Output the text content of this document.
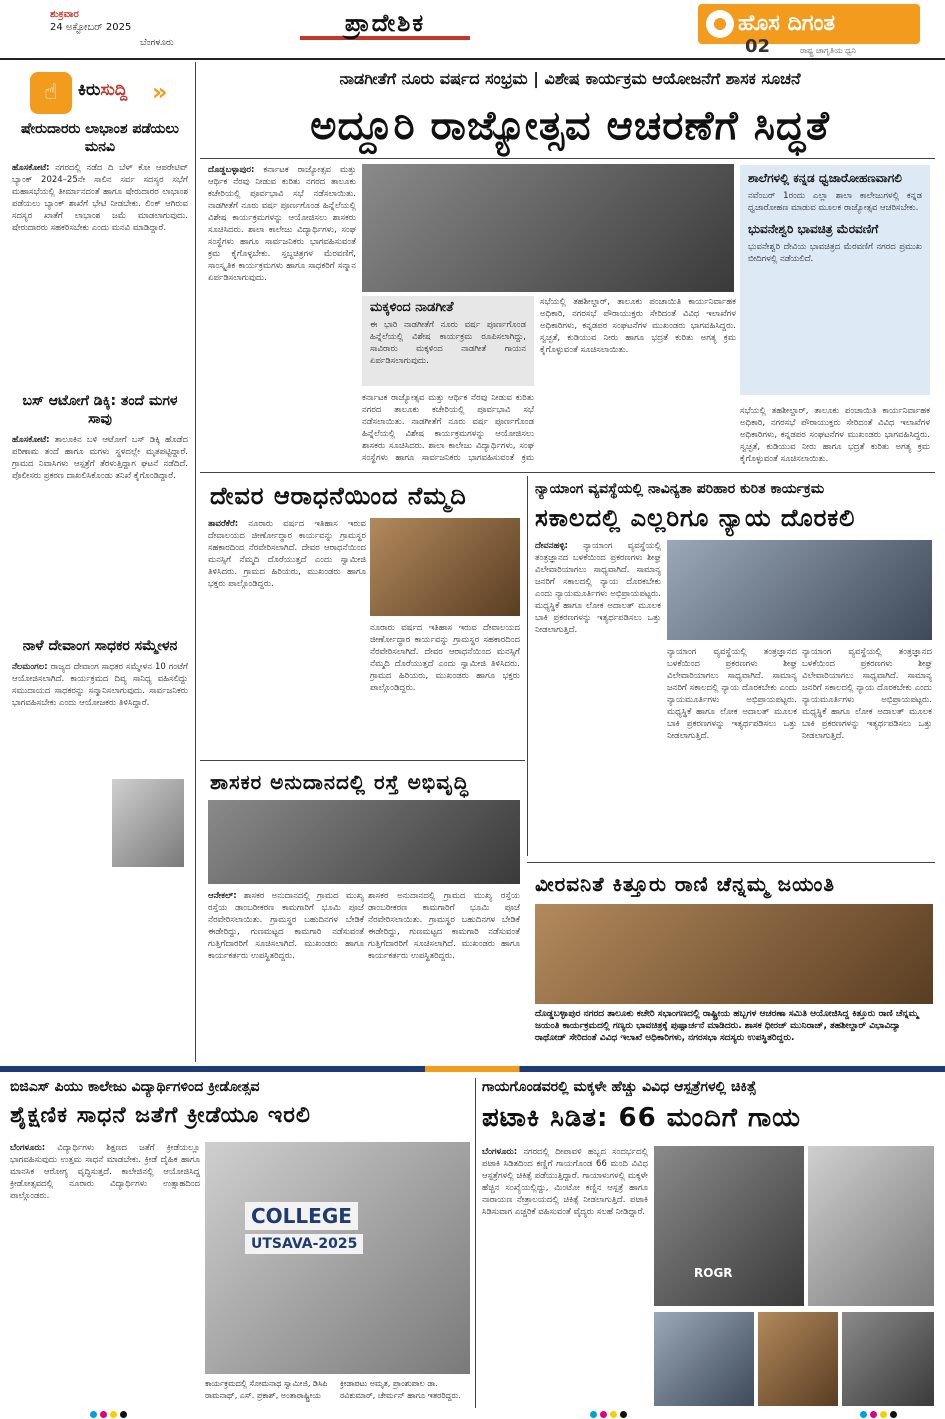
ಶುಕ್ರವಾರ
24 ಅಕ್ಟೋಬರ್ 2025
ಬೆಂಗಳೂರು
ಪ್ರಾದೇಶಿಕ	ಹೊಸ ದಿಗಂತ
02	ರಾಷ್ಟ್ರ ಜಾಗೃತಿಯ ಧ್ವನಿ
☝	ಕಿರುಸುದ್ದಿ »
ಷೇರುದಾರರು ಲಾಭಾಂಶ ಪಡೆಯಲು ಮನವಿ
ಹೊಸಕೋಟೆ: ನಗರದಲ್ಲಿ ನಡೆದ ದಿ ಬೆಳ್ ಕೋ ಆಪರೇಟಿವ್ ಬ್ಯಾಂಕ್ 2024–25ನೇ ಸಾಲಿನ ಸರ್ವ ಸದಸ್ಯರ ಸಭೆಗೆ ಮಹಾಸಭೆಯಲ್ಲಿ ತೀರ್ಮಾನದಂತೆ ಹಾಗೂ ಷೇರುದಾರರ ಲಾಭಾಂಶ ಪಡೆಯಲು ಬ್ಯಾಂಕ್ ಶಾಖೆಗೆ ಭೇಟಿ ನೀಡಬೇಕು. ಲಿಂಕ್ ಆಗಿರುವ ಸದಸ್ಯರ ಖಾತೆಗೆ ಲಾಭಾಂಶ ಜಮೆ ಮಾಡಲಾಗುವುದು. ಷೇರುದಾರರು ಸಹಕರಿಸಬೇಕು ಎಂದು ಮನವಿ ಮಾಡಿದ್ದಾರೆ.
ಬಸ್ ಆಟೋಗೆ ಡಿಕ್ಕಿ: ತಂದೆ ಮಗಳ ಸಾವು
ಹೊಸಕೋಟೆ: ತಾಲೂಕಿನ ಬಳಿ ಆಟೋಗೆ ಬಸ್ ಡಿಕ್ಕಿ ಹೊಡೆದ ಪರಿಣಾಮ ತಂದೆ ಹಾಗೂ ಮಗಳು ಸ್ಥಳದಲ್ಲೇ ಮೃತಪಟ್ಟಿದ್ದಾರೆ. ಗ್ರಾಮದ ನಿವಾಸಿಗಳು ಆಸ್ಪತ್ರೆಗೆ ತೆರಳುತ್ತಿದ್ದಾಗ ಘಟನೆ ನಡೆದಿದೆ. ಪೊಲೀಸರು ಪ್ರಕರಣ ದಾಖಲಿಸಿಕೊಂಡು ತನಿಖೆ ಕೈಗೊಂಡಿದ್ದಾರೆ.
ನಾಳೆ ದೇವಾಂಗ ಸಾಧಕರ ಸಮ್ಮೇಳನ
ನೆಲಮಂಗಲ: ರಾಜ್ಯದ ದೇವಾಂಗ ಸಾಧಕರ ಸಮ್ಮೇಳನ 10 ಗಂಟೆಗೆ ಆಯೋಜಿಸಲಾಗಿದೆ. ಕಾರ್ಯಕ್ರಮದ ದಿವ್ಯ ಸಾನಿಧ್ಯ ವಹಿಸಲಿದ್ದು ಸಮುದಾಯದ ಸಾಧಕರನ್ನು ಸನ್ಮಾನಿಸಲಾಗುವುದು. ಸಾರ್ವಜನಿಕರು ಭಾಗವಹಿಸಬೇಕು ಎಂದು ಆಯೋಜಕರು ತಿಳಿಸಿದ್ದಾರೆ.
ನಾಡಗೀತೆಗೆ ನೂರು ವರ್ಷದ ಸಂಭ್ರಮ | ವಿಶೇಷ ಕಾರ್ಯಕ್ರಮ ಆಯೋಜನೆಗೆ ಶಾಸಕ ಸೂಚನೆ
ಅದ್ದೂರಿ ರಾಜ್ಯೋತ್ಸವ ಆಚರಣೆಗೆ ಸಿದ್ಧತೆ
ದೊಡ್ಡಬಳ್ಳಾಪುರ: ಕರ್ನಾಟಕ ರಾಜ್ಯೋತ್ಸವ ಮತ್ತು ಆರ್ಥಿಕ ನೆರವು ನೀಡುವ ಕುರಿತು ನಗರದ ತಾಲೂಕು ಕಚೇರಿಯಲ್ಲಿ ಪೂರ್ವಭಾವಿ ಸಭೆ ನಡೆಸಲಾಯಿತು. ನಾಡಗೀತೆಗೆ ನೂರು ವರ್ಷ ಪೂರ್ಣಗೊಂಡ ಹಿನ್ನೆಲೆಯಲ್ಲಿ ವಿಶೇಷ ಕಾರ್ಯಕ್ರಮಗಳನ್ನು ಆಯೋಜಿಸಲು ಶಾಸಕರು ಸೂಚಿಸಿದರು. ಶಾಲಾ ಕಾಲೇಜು ವಿದ್ಯಾರ್ಥಿಗಳು, ಸಂಘ ಸಂಸ್ಥೆಗಳು ಹಾಗೂ ಸಾರ್ವಜನಿಕರು ಭಾಗವಹಿಸುವಂತೆ ಕ್ರಮ ಕೈಗೊಳ್ಳಬೇಕು. ಸ್ತಬ್ಧಚಿತ್ರಗಳ ಮೆರವಣಿಗೆ, ಸಾಂಸ್ಕೃತಿಕ ಕಾರ್ಯಕ್ರಮಗಳು ಹಾಗೂ ಸಾಧಕರಿಗೆ ಸನ್ಮಾನ ಏರ್ಪಡಿಸಲಾಗುವುದು.
ಮಕ್ಕಳಿಂದ ನಾಡಗೀತೆ
ಈ ಭಾರಿ ನಾಡಗೀತೆಗೆ ನೂರು ವರ್ಷ ಪೂರ್ಣಗೊಂಡ ಹಿನ್ನೆಲೆಯಲ್ಲಿ ವಿಶೇಷ ಕಾರ್ಯಕ್ರಮ ರೂಪಿಸಲಾಗಿದ್ದು, ಸಾವಿರಾರು ಮಕ್ಕಳಿಂದ ನಾಡಗೀತೆ ಗಾಯನ ಏರ್ಪಡಿಸಲಾಗುವುದು.
ಸಭೆಯಲ್ಲಿ ತಹಶೀಲ್ದಾರ್, ತಾಲೂಕು ಪಂಚಾಯಿತಿ ಕಾರ್ಯನಿರ್ವಾಹಕ ಅಧಿಕಾರಿ, ನಗರಸಭೆ ಪೌರಾಯುಕ್ತರು ಸೇರಿದಂತೆ ವಿವಿಧ ಇಲಾಖೆಗಳ ಅಧಿಕಾರಿಗಳು, ಕನ್ನಡಪರ ಸಂಘಟನೆಗಳ ಮುಖಂಡರು ಭಾಗವಹಿಸಿದ್ದರು. ಸ್ವಚ್ಛತೆ, ಕುಡಿಯುವ ನೀರು ಹಾಗೂ ಭದ್ರತೆ ಕುರಿತು ಅಗತ್ಯ ಕ್ರಮ ಕೈಗೊಳ್ಳುವಂತೆ ಸೂಚಿಸಲಾಯಿತು.
ಕರ್ನಾಟಕ ರಾಜ್ಯೋತ್ಸವ ಮತ್ತು ಆರ್ಥಿಕ ನೆರವು ನೀಡುವ ಕುರಿತು ನಗರದ ತಾಲೂಕು ಕಚೇರಿಯಲ್ಲಿ ಪೂರ್ವಭಾವಿ ಸಭೆ ನಡೆಸಲಾಯಿತು. ನಾಡಗೀತೆಗೆ ನೂರು ವರ್ಷ ಪೂರ್ಣಗೊಂಡ ಹಿನ್ನೆಲೆಯಲ್ಲಿ ವಿಶೇಷ ಕಾರ್ಯಕ್ರಮಗಳನ್ನು ಆಯೋಜಿಸಲು ಶಾಸಕರು ಸೂಚಿಸಿದರು. ಶಾಲಾ ಕಾಲೇಜು ವಿದ್ಯಾರ್ಥಿಗಳು, ಸಂಘ ಸಂಸ್ಥೆಗಳು ಹಾಗೂ ಸಾರ್ವಜನಿಕರು ಭಾಗವಹಿಸುವಂತೆ ಕ್ರಮ
ಶಾಲೆಗಳಲ್ಲಿ ಕನ್ನಡ ಧ್ವಜಾರೋಹಣವಾಗಲಿ
ನವೆಂಬರ್ 1ರಂದು ಎಲ್ಲಾ ಶಾಲಾ ಕಾಲೇಜುಗಳಲ್ಲಿ ಕನ್ನಡ ಧ್ವಜಾರೋಹಣ ಮಾಡುವ ಮೂಲಕ ರಾಜ್ಯೋತ್ಸವ ಆಚರಿಸಬೇಕು.
ಭುವನೇಶ್ವರಿ ಭಾವಚಿತ್ರ ಮೆರವಣಿಗೆ
ಭುವನೇಶ್ವರಿ ದೇವಿಯ ಭಾವಚಿತ್ರದ ಮೆರವಣಿಗೆ ನಗರದ ಪ್ರಮುಖ ಬೀದಿಗಳಲ್ಲಿ ನಡೆಯಲಿದೆ.
ಸಭೆಯಲ್ಲಿ ತಹಶೀಲ್ದಾರ್, ತಾಲೂಕು ಪಂಚಾಯಿತಿ ಕಾರ್ಯನಿರ್ವಾಹಕ ಅಧಿಕಾರಿ, ನಗರಸಭೆ ಪೌರಾಯುಕ್ತರು ಸೇರಿದಂತೆ ವಿವಿಧ ಇಲಾಖೆಗಳ ಅಧಿಕಾರಿಗಳು, ಕನ್ನಡಪರ ಸಂಘಟನೆಗಳ ಮುಖಂಡರು ಭಾಗವಹಿಸಿದ್ದರು. ಸ್ವಚ್ಛತೆ, ಕುಡಿಯುವ ನೀರು ಹಾಗೂ ಭದ್ರತೆ ಕುರಿತು ಅಗತ್ಯ ಕ್ರಮ ಕೈಗೊಳ್ಳುವಂತೆ ಸೂಚಿಸಲಾಯಿತು.
ದೇವರ ಆರಾಧನೆಯಿಂದ ನೆಮ್ಮದಿ
ತಾವರೆಕೆರೆ: ನೂರಾರು ವರ್ಷದ ಇತಿಹಾಸ ಇರುವ ದೇವಾಲಯದ ಜೀರ್ಣೋದ್ಧಾರ ಕಾರ್ಯವನ್ನು ಗ್ರಾಮಸ್ಥರ ಸಹಕಾರದಿಂದ ನೆರವೇರಿಸಲಾಗಿದೆ. ದೇವರ ಆರಾಧನೆಯಿಂದ ಮನಸ್ಸಿಗೆ ನೆಮ್ಮದಿ ದೊರೆಯುತ್ತದೆ ಎಂದು ಸ್ವಾಮೀಜಿ ತಿಳಿಸಿದರು. ಗ್ರಾಮದ ಹಿರಿಯರು, ಮುಖಂಡರು ಹಾಗೂ ಭಕ್ತರು ಪಾಲ್ಗೊಂಡಿದ್ದರು.
ನೂರಾರು ವರ್ಷದ ಇತಿಹಾಸ ಇರುವ ದೇವಾಲಯದ ಜೀರ್ಣೋದ್ಧಾರ ಕಾರ್ಯವನ್ನು ಗ್ರಾಮಸ್ಥರ ಸಹಕಾರದಿಂದ ನೆರವೇರಿಸಲಾಗಿದೆ. ದೇವರ ಆರಾಧನೆಯಿಂದ ಮನಸ್ಸಿಗೆ ನೆಮ್ಮದಿ ದೊರೆಯುತ್ತದೆ ಎಂದು ಸ್ವಾಮೀಜಿ ತಿಳಿಸಿದರು. ಗ್ರಾಮದ ಹಿರಿಯರು, ಮುಖಂಡರು ಹಾಗೂ ಭಕ್ತರು ಪಾಲ್ಗೊಂಡಿದ್ದರು.
ನ್ಯಾಯಾಂಗ ವ್ಯವಸ್ಥೆಯಲ್ಲಿ ನಾವಿನ್ಯತಾ ಪರಿಹಾರ ಕುರಿತ ಕಾರ್ಯಕ್ರಮ
ಸಕಾಲದಲ್ಲಿ ಎಲ್ಲರಿಗೂ ನ್ಯಾಯ ದೊರಕಲಿ
ದೇವನಹಳ್ಳಿ: ನ್ಯಾಯಾಂಗ ವ್ಯವಸ್ಥೆಯಲ್ಲಿ ತಂತ್ರಜ್ಞಾನದ ಬಳಕೆಯಿಂದ ಪ್ರಕರಣಗಳು ಶೀಘ್ರ ವಿಲೇವಾರಿಯಾಗಲು ಸಾಧ್ಯವಾಗಿದೆ. ಸಾಮಾನ್ಯ ಜನರಿಗೆ ಸಕಾಲದಲ್ಲಿ ನ್ಯಾಯ ದೊರಕಬೇಕು ಎಂದು ನ್ಯಾಯಮೂರ್ತಿಗಳು ಅಭಿಪ್ರಾಯಪಟ್ಟರು. ಮಧ್ಯಸ್ಥಿಕೆ ಹಾಗೂ ಲೋಕ ಅದಾಲತ್ ಮೂಲಕ ಬಾಕಿ ಪ್ರಕರಣಗಳನ್ನು ಇತ್ಯರ್ಥಪಡಿಸಲು ಒತ್ತು ನೀಡಲಾಗುತ್ತಿದೆ.
ನ್ಯಾಯಾಂಗ ವ್ಯವಸ್ಥೆಯಲ್ಲಿ ತಂತ್ರಜ್ಞಾನದ ಬಳಕೆಯಿಂದ ಪ್ರಕರಣಗಳು ಶೀಘ್ರ ವಿಲೇವಾರಿಯಾಗಲು ಸಾಧ್ಯವಾಗಿದೆ. ಸಾಮಾನ್ಯ ಜನರಿಗೆ ಸಕಾಲದಲ್ಲಿ ನ್ಯಾಯ ದೊರಕಬೇಕು ಎಂದು ನ್ಯಾಯಮೂರ್ತಿಗಳು ಅಭಿಪ್ರಾಯಪಟ್ಟರು. ಮಧ್ಯಸ್ಥಿಕೆ ಹಾಗೂ ಲೋಕ ಅದಾಲತ್ ಮೂಲಕ ಬಾಕಿ ಪ್ರಕರಣಗಳನ್ನು ಇತ್ಯರ್ಥಪಡಿಸಲು ಒತ್ತು ನೀಡಲಾಗುತ್ತಿದೆ.
ನ್ಯಾಯಾಂಗ ವ್ಯವಸ್ಥೆಯಲ್ಲಿ ತಂತ್ರಜ್ಞಾನದ ಬಳಕೆಯಿಂದ ಪ್ರಕರಣಗಳು ಶೀಘ್ರ ವಿಲೇವಾರಿಯಾಗಲು ಸಾಧ್ಯವಾಗಿದೆ. ಸಾಮಾನ್ಯ ಜನರಿಗೆ ಸಕಾಲದಲ್ಲಿ ನ್ಯಾಯ ದೊರಕಬೇಕು ಎಂದು ನ್ಯಾಯಮೂರ್ತಿಗಳು ಅಭಿಪ್ರಾಯಪಟ್ಟರು. ಮಧ್ಯಸ್ಥಿಕೆ ಹಾಗೂ ಲೋಕ ಅದಾಲತ್ ಮೂಲಕ ಬಾಕಿ ಪ್ರಕರಣಗಳನ್ನು ಇತ್ಯರ್ಥಪಡಿಸಲು ಒತ್ತು ನೀಡಲಾಗುತ್ತಿದೆ.
ಶಾಸಕರ ಅನುದಾನದಲ್ಲಿ ರಸ್ತೆ ಅಭಿವೃದ್ಧಿ
ಆನೇಕಲ್: ಶಾಸಕರ ಅನುದಾನದಲ್ಲಿ ಗ್ರಾಮದ ಮುಖ್ಯ ರಸ್ತೆಯ ಡಾಂಬರೀಕರಣ ಕಾಮಗಾರಿಗೆ ಭೂಮಿ ಪೂಜೆ ನೆರವೇರಿಸಲಾಯಿತು. ಗ್ರಾಮಸ್ಥರ ಬಹುದಿನಗಳ ಬೇಡಿಕೆ ಈಡೇರಿದ್ದು, ಗುಣಮಟ್ಟದ ಕಾಮಗಾರಿ ನಡೆಸುವಂತೆ ಗುತ್ತಿಗೆದಾರರಿಗೆ ಸೂಚಿಸಲಾಗಿದೆ. ಮುಖಂಡರು ಹಾಗೂ ಕಾರ್ಯಕರ್ತರು ಉಪಸ್ಥಿತರಿದ್ದರು.
ಶಾಸಕರ ಅನುದಾನದಲ್ಲಿ ಗ್ರಾಮದ ಮುಖ್ಯ ರಸ್ತೆಯ ಡಾಂಬರೀಕರಣ ಕಾಮಗಾರಿಗೆ ಭೂಮಿ ಪೂಜೆ ನೆರವೇರಿಸಲಾಯಿತು. ಗ್ರಾಮಸ್ಥರ ಬಹುದಿನಗಳ ಬೇಡಿಕೆ ಈಡೇರಿದ್ದು, ಗುಣಮಟ್ಟದ ಕಾಮಗಾರಿ ನಡೆಸುವಂತೆ ಗುತ್ತಿಗೆದಾರರಿಗೆ ಸೂಚಿಸಲಾಗಿದೆ. ಮುಖಂಡರು ಹಾಗೂ ಕಾರ್ಯಕರ್ತರು ಉಪಸ್ಥಿತರಿದ್ದರು.
ವೀರವನಿತೆ ಕಿತ್ತೂರು ರಾಣಿ ಚೆನ್ನಮ್ಮ ಜಯಂತಿ
ದೊಡ್ಡಬಳ್ಳಾಪುರ ನಗರದ ತಾಲೂಕು ಕಚೇರಿ ಸಭಾಂಗಣದಲ್ಲಿ ರಾಷ್ಟ್ರೀಯ ಹಬ್ಬಗಳ ಆಚರಣಾ ಸಮಿತಿ ಆಯೋಜಿಸಿದ್ದ ಕಿತ್ತೂರು ರಾಣಿ ಚೆನ್ನಮ್ಮ ಜಯಂತಿ ಕಾರ್ಯಕ್ರಮದಲ್ಲಿ ಗಣ್ಯರು ಭಾವಚಿತ್ರಕ್ಕೆ ಪುಷ್ಪಾರ್ಚನೆ ಮಾಡಿದರು. ಶಾಸಕ ಧೀರಜ್ ಮುನಿರಾಜ್, ತಹಶೀಲ್ದಾರ್ ವಿಭಾವಿದ್ಯಾ ರಾಥೋಡ್ ಸೇರಿದಂತೆ ವಿವಿಧ ಇಲಾಖೆ ಅಧಿಕಾರಿಗಳು, ನಗರಸಭಾ ಸದಸ್ಯರು ಉಪಸ್ಥಿತರಿದ್ದರು.
ಬಿಜಿಎಸ್ ಪಿಯು ಕಾಲೇಜು ವಿದ್ಯಾರ್ಥಿಗಳಿಂದ ಕ್ರೀಡೋತ್ಸವ
ಶೈಕ್ಷಣಿಕ ಸಾಧನೆ ಜತೆಗೆ ಕ್ರೀಡೆಯೂ ಇರಲಿ
ಬೆಂಗಳೂರು: ವಿದ್ಯಾರ್ಥಿಗಳು ಶಿಕ್ಷಣದ ಜತೆಗೆ ಕ್ರೀಡೆಯಲ್ಲೂ ಭಾಗವಹಿಸುವುದು ಉತ್ತಮ ಸಾಧನೆ ಮಾಡಬೇಕು. ಕ್ರೀಡೆ ದೈಹಿಕ ಹಾಗೂ ಮಾನಸಿಕ ಆರೋಗ್ಯ ವೃದ್ಧಿಸುತ್ತದೆ. ಕಾಲೇಜಿನಲ್ಲಿ ಆಯೋಜಿಸಿದ್ದ ಕ್ರೀಡೋತ್ಸವದಲ್ಲಿ ನೂರಾರು ವಿದ್ಯಾರ್ಥಿಗಳು ಉತ್ಸಾಹದಿಂದ ಪಾಲ್ಗೊಂಡರು.
COLLEGE
UTSAVA-2025
ಕಾರ್ಯಕ್ರಮದಲ್ಲಿ ಸೋಮನಾಥ ಸ್ವಾಮೀಜಿ, ಡಿಸಿಪಿ ರಾಮನಾಥ್, ಎಸ್. ಪ್ರಕಾಶ್, ಅಂತಾರಾಷ್ಟ್ರೀಯ
ಕ್ರೀಡಾಪಟು ಅಮೃತ, ಪ್ರಾಂಶುಪಾಲ ಡಾ. ರವಿಕುಮಾರ್, ಚೇರ್ಮನ್ ಹಾಗೂ ಇತರರಿದ್ದರು.
ಗಾಯಗೊಂಡವರಲ್ಲಿ ಮಕ್ಕಳೇ ಹೆಚ್ಚು ವಿವಿಧ ಆಸ್ಪತ್ರೆಗಳಲ್ಲಿ ಚಿಕಿತ್ಸೆ
ಪಟಾಕಿ ಸಿಡಿತ: 66 ಮಂದಿಗೆ ಗಾಯ
ಬೆಂಗಳೂರು: ನಗರದಲ್ಲಿ ದೀಪಾವಳಿ ಹಬ್ಬದ ಸಂದರ್ಭದಲ್ಲಿ ಪಟಾಕಿ ಸಿಡಿತದಿಂದ ಕಣ್ಣಿಗೆ ಗಾಯಗೊಂಡ 66 ಮಂದಿ ವಿವಿಧ ಆಸ್ಪತ್ರೆಗಳಲ್ಲಿ ಚಿಕಿತ್ಸೆ ಪಡೆಯುತ್ತಿದ್ದಾರೆ. ಗಾಯಾಳುಗಳಲ್ಲಿ ಮಕ್ಕಳೇ ಹೆಚ್ಚಿನ ಸಂಖ್ಯೆಯಲ್ಲಿದ್ದು, ಮಿಂಟೋ ಕಣ್ಣಿನ ಆಸ್ಪತ್ರೆ ಹಾಗೂ ನಾರಾಯಣ ನೇತ್ರಾಲಯದಲ್ಲಿ ಚಿಕಿತ್ಸೆ ನೀಡಲಾಗುತ್ತಿದೆ. ಪಟಾಕಿ ಸಿಡಿಸುವಾಗ ಎಚ್ಚರಿಕೆ ವಹಿಸುವಂತೆ ವೈದ್ಯರು ಸಲಹೆ ನೀಡಿದ್ದಾರೆ.
ROGR
